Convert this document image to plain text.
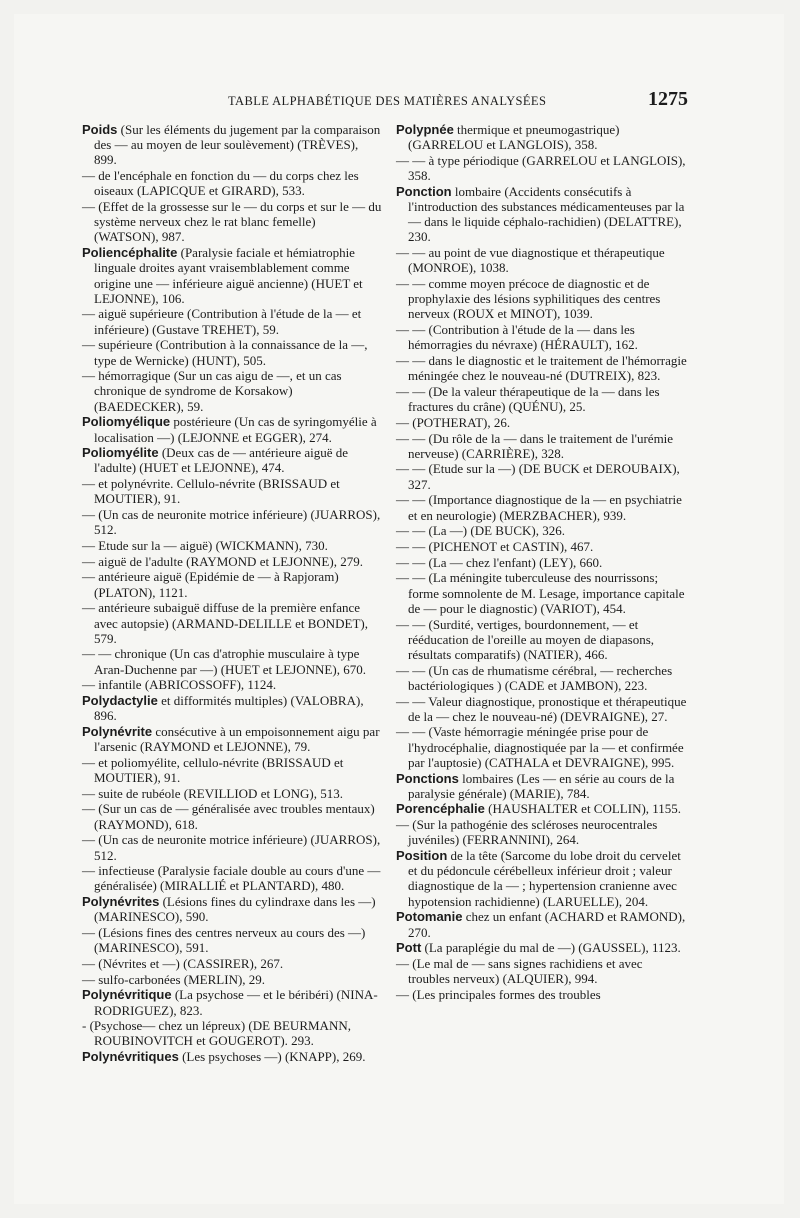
TABLE ALPHABÉTIQUE DES MATIÈRES ANALYSÉES	1275

Poids (Sur les éléments du jugement par la comparaison des — au moyen de leur soulèvement) (TRÈVES), 899.

— de l'encéphale en fonction du — du corps chez les oiseaux (LAPICQUE et GIRARD), 533.

— (Effet de la grossesse sur le — du corps et sur le — du système nerveux chez le rat blanc femelle) (WATSON), 987.

Poliencéphalite (Paralysie faciale et hémiatrophie linguale droites ayant vraisemblablement comme origine une — inférieure aiguë ancienne) (HUET et LEJONNE), 106.

— aiguë supérieure (Contribution à l'étude de la — et inférieure) (Gustave TREHET), 59.

— supérieure (Contribution à la connaissance de la —, type de Wernicke) (HUNT), 505.

— hémorragique (Sur un cas aigu de —, et un cas chronique de syndrome de Korsakow) (BAEDECKER), 59.

Poliomyélique postérieure (Un cas de syringomyélie à localisation —) (LEJONNE et EGGER), 274.

Poliomyélite (Deux cas de — antérieure aiguë de l'adulte) (HUET et LEJONNE), 474.

— et polynévrite. Cellulo-névrite (BRISSAUD et MOUTIER), 91.

— (Un cas de neuronite motrice inférieure) (JUARROS), 512.

— Etude sur la — aiguë) (WICKMANN), 730.

— aiguë de l'adulte (RAYMOND et LEJONNE), 279.

— antérieure aiguë (Epidémie de — à Rapjoram) (PLATON), 1121.

— antérieure subaiguë diffuse de la première enfance avec autopsie) (ARMAND-DELILLE et BONDET), 579.

— — chronique (Un cas d'atrophie musculaire à type Aran-Duchenne par —) (HUET et LEJONNE), 670.

— infantile (ABRICOSSOFF), 1124.

Polydactylie et difformités multiples) (VALOBRA), 896.

Polynévrite consécutive à un empoisonnement aigu par l'arsenic (RAYMOND et LEJONNE), 79.

— et poliomyélite, cellulo-névrite (BRISSAUD et MOUTIER), 91.

— suite de rubéole (REVILLIOD et LONG), 513.

— (Sur un cas de — généralisée avec troubles mentaux) (RAYMOND), 618.

— (Un cas de neuronite motrice inférieure) (JUARROS), 512.

— infectieuse (Paralysie faciale double au cours d'une — généralisée) (MIRALLIÉ et PLANTARD), 480.

Polynévrites (Lésions fines du cylindraxe dans les —) (MARINESCO), 590.

— (Lésions fines des centres nerveux au cours des —) (MARINESCO), 591.

— (Névrites et —) (CASSIRER), 267.

— sulfo-carbonées (MERLIN), 29.

Polynévritique (La psychose — et le béribéri) (NINA-RODRIGUEZ), 823.

- (Psychose— chez un lépreux) (DE BEURMANN, ROUBINOVITCH et GOUGEROT). 293.

Polynévritiques (Les psychoses —) (KNAPP), 269.

Polypnée thermique et pneumogastrique) (GARRELOU et LANGLOIS), 358.

— — à type périodique (GARRELOU et LANGLOIS), 358.

Ponction lombaire (Accidents consécutifs à l'introduction des substances médicamenteuses par la — dans le liquide céphalo-rachidien) (DELATTRE), 230.

— — au point de vue diagnostique et thérapeutique (MONROE), 1038.

— — comme moyen précoce de diagnostic et de prophylaxie des lésions syphilitiques des centres nerveux (ROUX et MINOT), 1039.

— — (Contribution à l'étude de la — dans les hémorragies du névraxe) (HÉRAULT), 162.

— — dans le diagnostic et le traitement de l'hémorragie méningée chez le nouveau-né (DUTREIX), 823.

— — (De la valeur thérapeutique de la — dans les fractures du crâne) (QUÉNU), 25.

— (POTHERAT), 26.

— — (Du rôle de la — dans le traitement de l'urémie nerveuse) (CARRIÈRE), 328.

— — (Etude sur la —) (DE BUCK et DEROUBAIX), 327.

— — (Importance diagnostique de la — en psychiatrie et en neurologie) (MERZBACHER), 939.

— — (La —) (DE BUCK), 326.

— — (PICHENOT et CASTIN), 467.

— — (La — chez l'enfant) (LEY), 660.

— — (La méningite tuberculeuse des nourrissons; forme somnolente de M. Lesage, importance capitale de — pour le diagnostic) (VARIOT), 454.

— — (Surdité, vertiges, bourdonnement, — et rééducation de l'oreille au moyen de diapasons, résultats comparatifs) (NATIER), 466.

— — (Un cas de rhumatisme cérébral, — recherches bactériologiques ) (CADE et JAMBON), 223.

— — Valeur diagnostique, pronostique et thérapeutique de la — chez le nouveau-né) (DEVRAIGNE), 27.

— — (Vaste hémorragie méningée prise pour de l'hydrocéphalie, diagnostiquée par la — et confirmée par l'auptosie) (CATHALA et DEVRAIGNE), 995.

Ponctions lombaires (Les — en série au cours de la paralysie générale) (MARIE), 784.

Porencéphalie (HAUSHALTER et COLLIN), 1155.

— (Sur la pathogénie des scléroses neurocentrales juvéniles) (FERRANNINI), 264.

Position de la tête (Sarcome du lobe droit du cervelet et du pédoncule cérébelleux inférieur droit ; valeur diagnostique de la — ; hypertension cranienne avec hypotension rachidienne) (LARUELLE), 204.

Potomanie chez un enfant (ACHARD et RAMOND), 270.

Pott (La paraplégie du mal de —) (GAUSSEL), 1123.

— (Le mal de — sans signes rachidiens et avec troubles nerveux) (ALQUIER), 994.

— (Les principales formes des troubles
